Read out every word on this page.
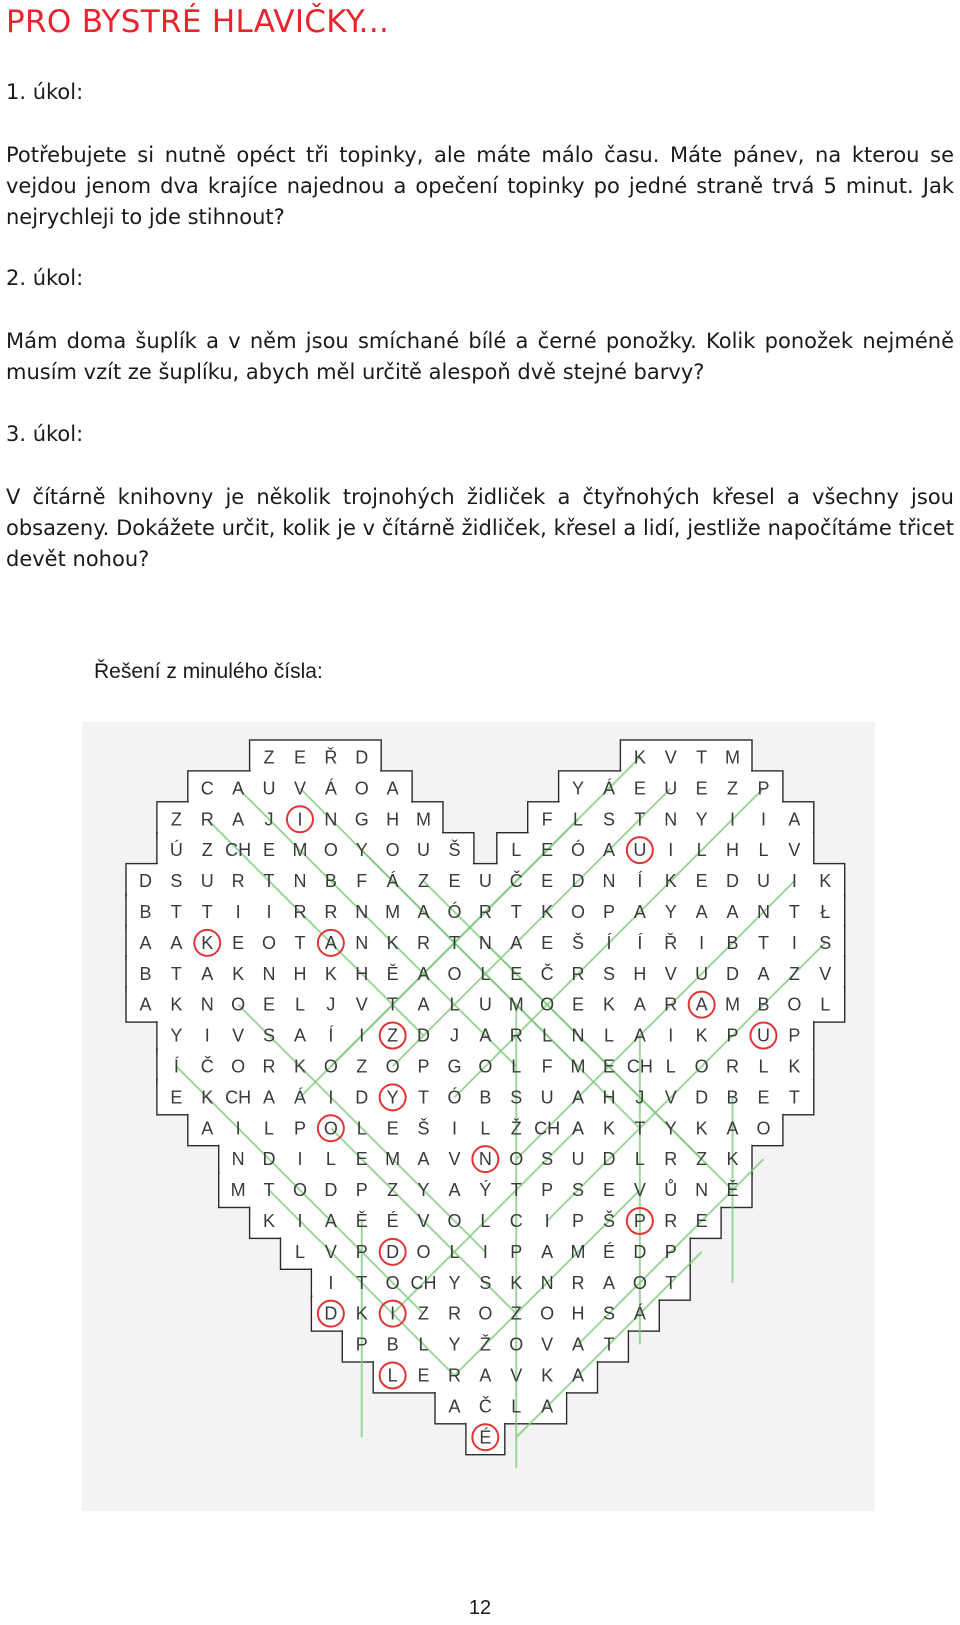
PRO BYSTRÉ HLAVIČKY...
1. úkol:

Potřebujete si nutně opéct tři topinky, ale máte málo času. Máte pánev, na kterou se vejdou jenom dva krajíce najednou a opečení topinky po jedné straně trvá 5 minut. Jak nejrychleji to jde stihnout?

2. úkol:

Mám doma šuplík a v něm jsou smíchané bílé a černé ponožky. Kolik ponožek nejméně musím vzít ze šuplíku, abych měl určitě alespoň dvě stejné barvy?

3. úkol:

V čítárně knihovny je několik trojnohých židliček a čtyřnohých křesel a všechny jsou obsazeny. Dokážete určit, kolik je v čítárně židliček, křesel a lidí, jestliže napočítáme třicet devět nohou?

Řešení z minulého čísla:
Z E Ř D	K V T M
C A U V Á O A	Y Á E U E Z P
Z R A J I N G H M	F L S T N Y I I A
Ú Z CH E M O Y O U Š	L E Ó A U I L H L V
D S U R T N B F Á Z E U Č E D N Í K E D U I K
B T T I I R R N M A Ó R T K O P A Y A A N T Ł
A A K E O T A N K R T N A E Š Í Í Ř I B T I S
B T A K N H K H Ě A O L E Č R S H V U D A Z V
A K N O E L J V T A L U M O E K A R A M B O L
Y I V S A Í I Z D J A R L N L A I K P U P
Í Č O R K O Z O P G O L F M E CH L O R L K
E K CH A Á I D Y T Ó B S U A H J V D B E T
A I L P O L E Š I L Ž CH A K T Y K A O
N D I L E M A V N O S U D L R Z K
M T O D P Z Y A Ý T P S E V Ů N Ě
K I A Ě É V O L C I P Š P R E
L V P D O L I P A M É D P
I T O CH Y S K N R A O T
D K I Z R O Z O H S Á
P B L Y Ž O V A T
L E R A V K A
A Č L A
É
12
